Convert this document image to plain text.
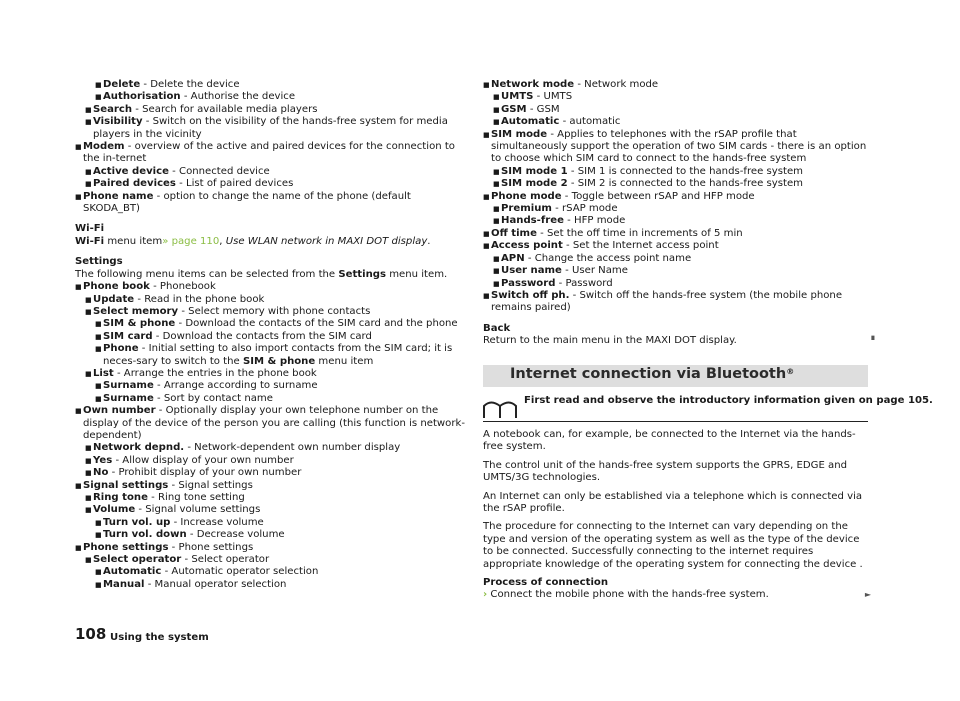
■ Delete - Delete the device
■ Authorisation - Authorise the device
■ Search - Search for available media players
■ Visibility - Switch on the visibility of the hands-free system for media players in the vicinity
■ Modem - overview of the active and paired devices for the connection to the in-ternet
■ Active device - Connected device
■ Paired devices - List of paired devices
■ Phone name - option to change the name of the phone (default SKODA_BT)
Wi-Fi
Wi-Fi menu item» page 110, Use WLAN network in MAXI DOT display.
Settings
The following menu items can be selected from the Settings menu item.
■ Phone book - Phonebook
■ Update - Read in the phone book
■ Select memory - Select memory with phone contacts
■ SIM & phone - Download the contacts of the SIM card and the phone
■ SIM card - Download the contacts from the SIM card
■ Phone - Initial setting to also import contacts from the SIM card; it is neces-sary to switch to the SIM & phone menu item
■ List - Arrange the entries in the phone book
■ Surname - Arrange according to surname
■ Surname - Sort by contact name
■ Own number - Optionally display your own telephone number on the display of the device of the person you are calling (this function is network-dependent)
■ Network depnd. - Network-dependent own number display
■ Yes - Allow display of your own number
■ No - Prohibit display of your own number
■ Signal settings - Signal settings
■ Ring tone - Ring tone setting
■ Volume - Signal volume settings
■ Turn vol. up - Increase volume
■ Turn vol. down - Decrease volume
■ Phone settings - Phone settings
■ Select operator - Select operator
■ Automatic - Automatic operator selection
■ Manual - Manual operator selection
■ Network mode - Network mode
■ UMTS - UMTS
■ GSM - GSM
■ Automatic - automatic
■ SIM mode - Applies to telephones with the rSAP profile that simultaneously support the operation of two SIM cards - there is an option to choose which SIM card to connect to the hands-free system
■ SIM mode 1 - SIM 1 is connected to the hands-free system
■ SIM mode 2 - SIM 2 is connected to the hands-free system
■ Phone mode - Toggle between rSAP and HFP mode
■ Premium - rSAP mode
■ Hands-free - HFP mode
■ Off time - Set the off time in increments of 5 min
■ Access point - Set the Internet access point
■ APN - Change the access point name
■ User name - User Name
■ Password - Password
■ Switch off ph. - Switch off the hands-free system (the mobile phone remains paired)
Back
Return to the main menu in the MAXI DOT display.	∎
Internet connection via Bluetooth®
First read and observe the introductory information given on page 105.
A notebook can, for example, be connected to the Internet via the hands-free system.
The control unit of the hands-free system supports the GPRS, EDGE and UMTS/3G technologies.
An Internet can only be established via a telephone which is connected via the rSAP profile.
The procedure for connecting to the Internet can vary depending on the type and version of the operating system as well as the type of the device to be connected. Successfully connecting to the internet requires appropriate knowledge of the operating system for connecting the device .
Process of connection
› Connect the mobile phone with the hands-free system.	►
108 Using the system
